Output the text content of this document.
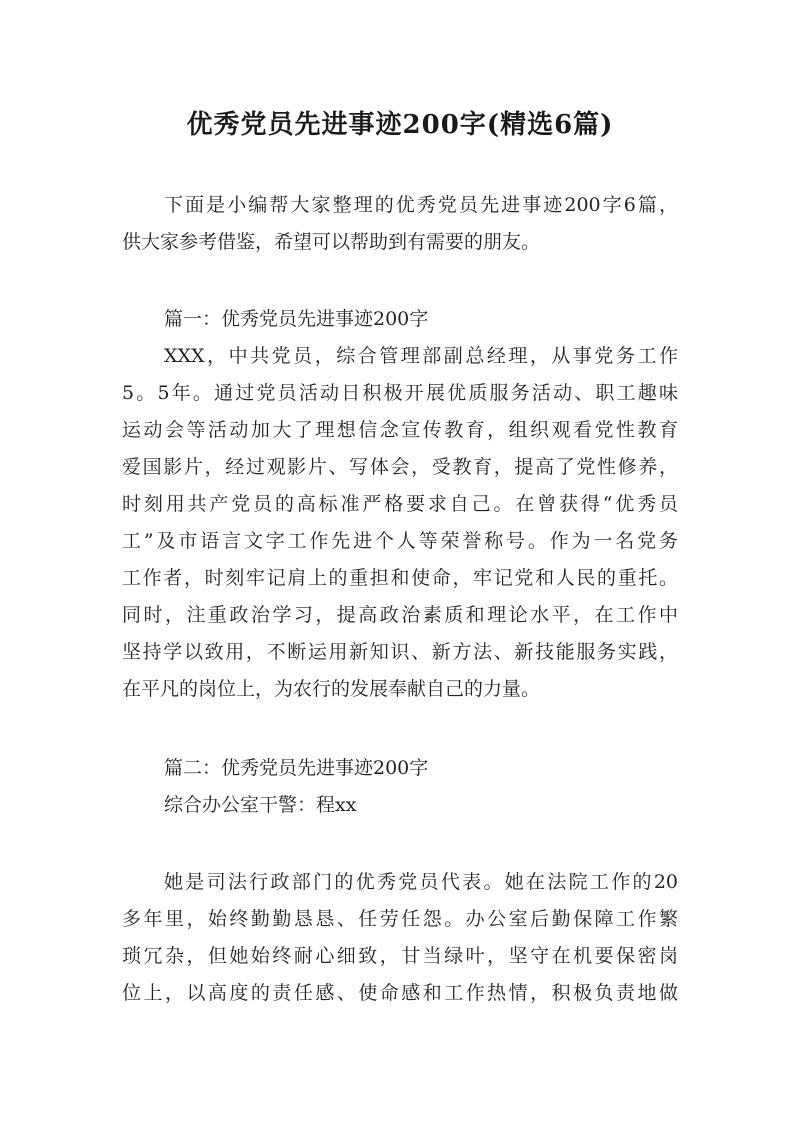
优秀党员先进事迹200字(精选6篇)
下面是小编帮大家整理的优秀党员先进事迹200字6篇，
供大家参考借鉴，希望可以帮助到有需要的朋友。
篇一：优秀党员先进事迹200字
XXX，中共党员，综合管理部副总经理，从事党务工作
5。5年。通过党员活动日积极开展优质服务活动、职工趣味
运动会等活动加大了理想信念宣传教育，组织观看党性教育
爱国影片，经过观影片、写体会，受教育，提高了党性修养，
时刻用共产党员的高标准严格要求自己。在曾获得“优秀员
工”及市语言文字工作先进个人等荣誉称号。作为一名党务
工作者，时刻牢记肩上的重担和使命，牢记党和人民的重托。
同时，注重政治学习，提高政治素质和理论水平，在工作中
坚持学以致用，不断运用新知识、新方法、新技能服务实践，
在平凡的岗位上，为农行的发展奉献自己的力量。
篇二：优秀党员先进事迹200字
综合办公室干警：程xx
她是司法行政部门的优秀党员代表。她在法院工作的20
多年里，始终勤勤恳恳、任劳任怨。办公室后勤保障工作繁
琐冗杂，但她始终耐心细致，甘当绿叶，坚守在机要保密岗
位上，以高度的责任感、使命感和工作热情，积极负责地做
